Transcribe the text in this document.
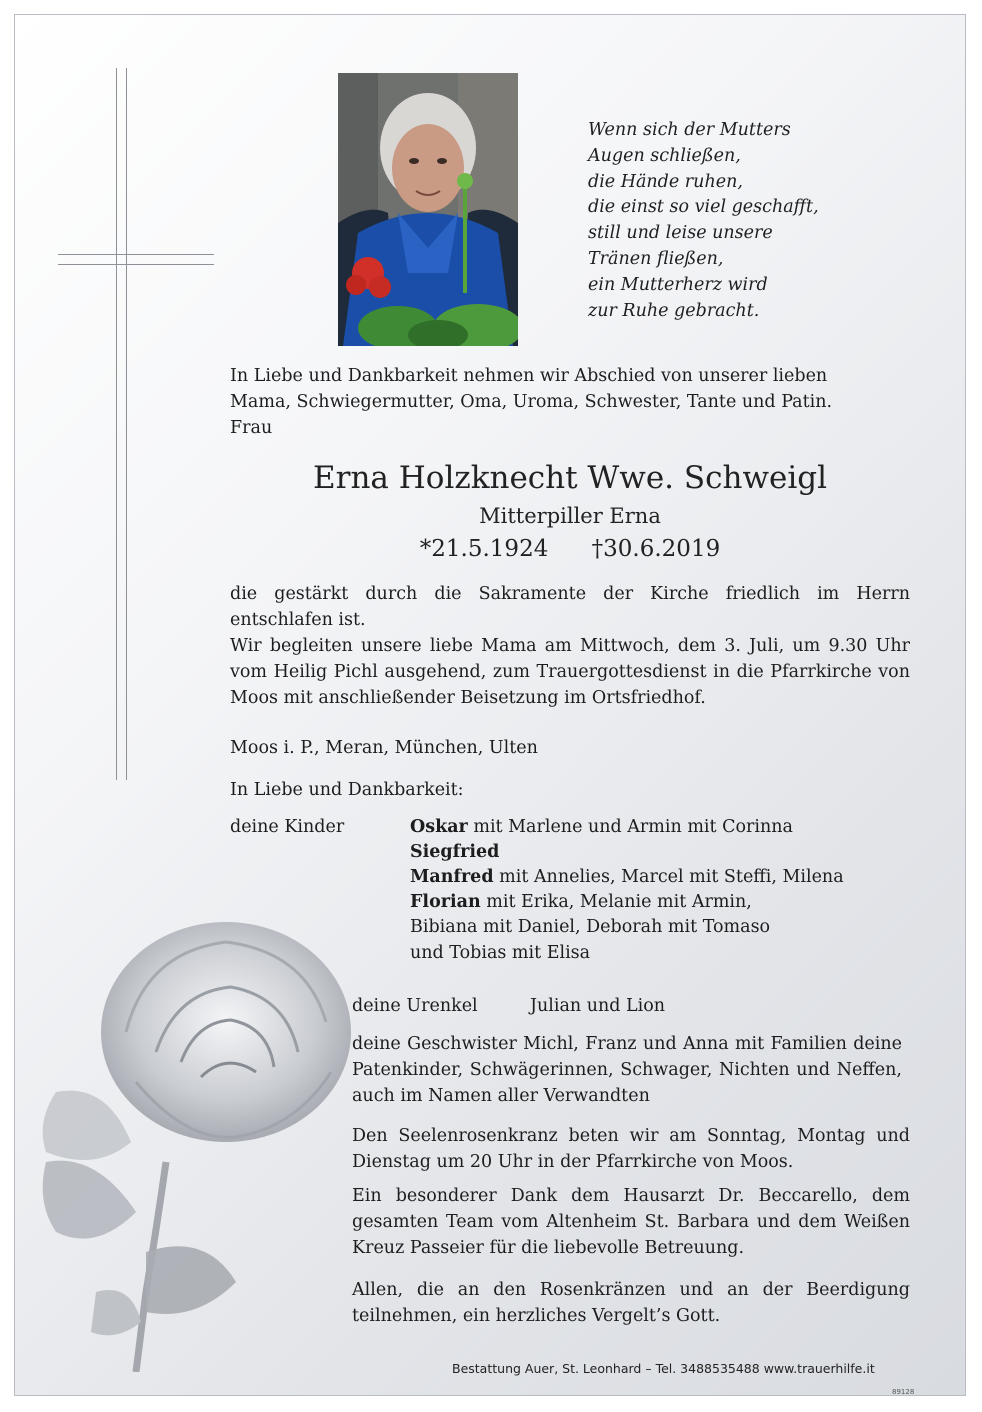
Wenn sich der Mutters
Augen schließen,
die Hände ruhen,
die einst so viel geschafft,
still und leise unsere
Tränen fließen,
ein Mutterherz wird
zur Ruhe gebracht.
In Liebe und Dankbarkeit nehmen wir Abschied von unserer lieben
Mama, Schwiegermutter, Oma, Uroma, Schwester, Tante und Patin.
Frau
Erna Holzknecht Wwe. Schweigl
Mitterpiller Erna
*21.5.1924 †30.6.2019
die gestärkt durch die Sakramente der Kirche friedlich im Herrn entschlafen ist.
Wir begleiten unsere liebe Mama am Mittwoch, dem 3. Juli, um 9.30 Uhr vom Heilig Pichl ausgehend, zum Trauergottesdienst in die Pfarrkirche von Moos mit anschließender Beisetzung im Ortsfriedhof.
Moos i. P., Meran, München, Ulten
In Liebe und Dankbarkeit:
deine Kinder	Oskar mit Marlene und Armin mit Corinna
Siegfried
Manfred mit Annelies, Marcel mit Steffi, Milena
Florian mit Erika, Melanie mit Armin,
Bibiana mit Daniel, Deborah mit Tomaso
und Tobias mit Elisa
deine Urenkel	Julian und Lion
deine Geschwister Michl, Franz und Anna mit Familien deine Patenkinder, Schwägerinnen, Schwager, Nichten und Neffen, auch im Namen aller Verwandten
Den Seelenrosenkranz beten wir am Sonntag, Montag und Dienstag um 20 Uhr in der Pfarrkirche von Moos.
Ein besonderer Dank dem Hausarzt Dr. Beccarello, dem gesamten Team vom Altenheim St. Barbara und dem Weißen Kreuz Passeier für die liebevolle Betreuung.
Allen, die an den Rosenkränzen und an der Beerdigung teilnehmen, ein herzliches Vergelt’s Gott.
Bestattung Auer, St. Leonhard – Tel. 3488535488 www.trauerhilfe.it
89128
